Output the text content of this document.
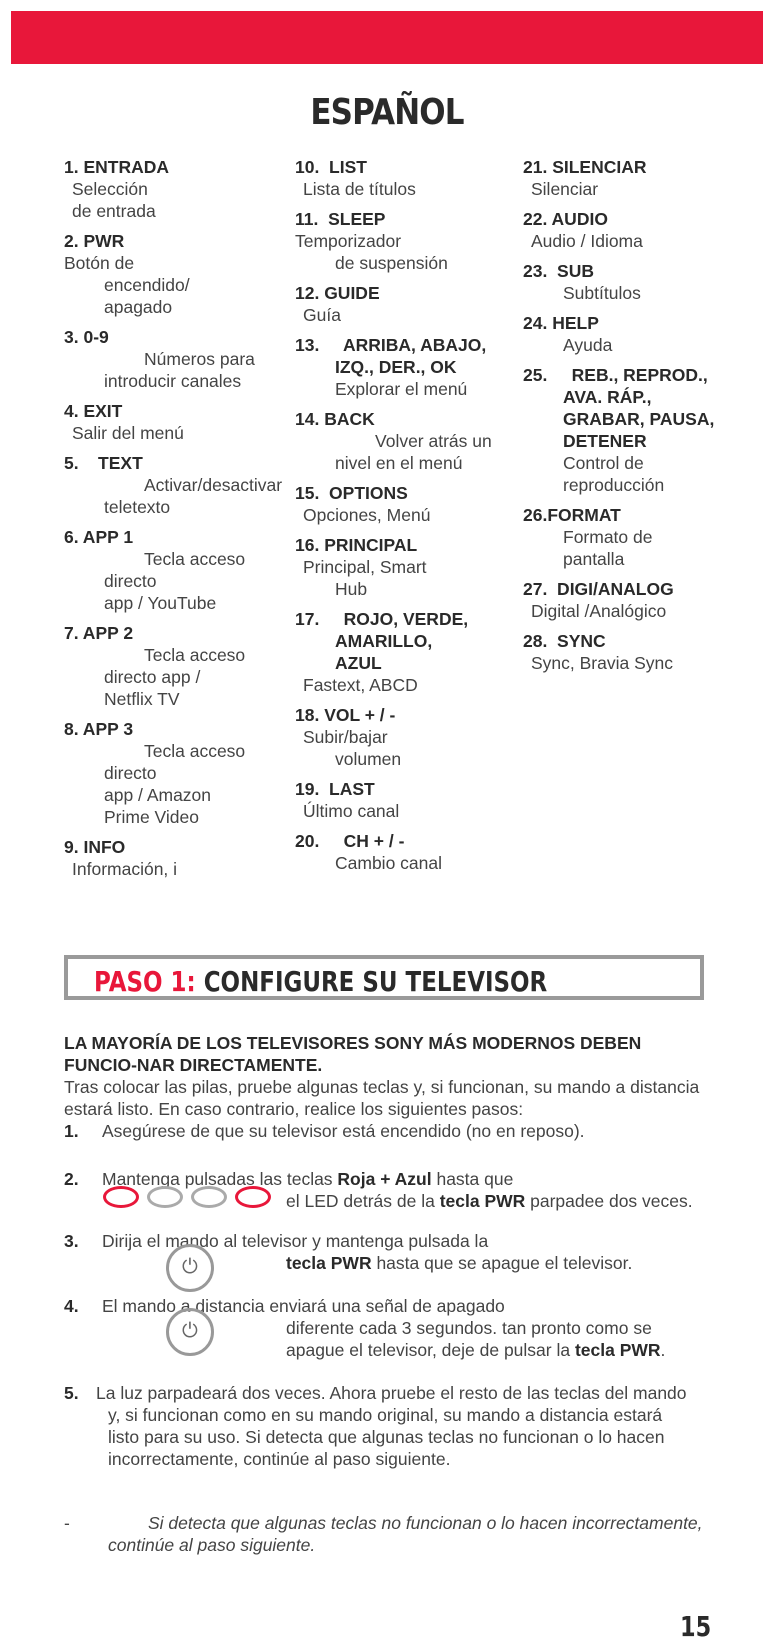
ESPAÑOL
1. ENTRADA
Selección
de entrada
2. PWR
Botón de
encendido/
apagado
3. 0-9
Números para
introducir canales
4. EXIT
Salir del menú
5.    TEXT
Activar/desactivar
teletexto
6. APP 1
Tecla acceso
directo
app / YouTube
7. APP 2
Tecla acceso
directo app /
Netflix TV
8. APP 3
Tecla acceso
directo
app / Amazon
Prime Video
9. INFO
Información, i
10.  LIST
Lista de títulos
11.  SLEEP
Temporizador
de suspensión
12. GUIDE
Guía
13.     ARRIBA, ABAJO,
IZQ., DER., OK
Explorar el menú
14. BACK
Volver atrás un
nivel en el menú
15.  OPTIONS
Opciones, Menú
16. PRINCIPAL
Principal, Smart
Hub
17.     ROJO, VERDE,
AMARILLO,
AZUL
Fastext, ABCD
18. VOL + / -
Subir/bajar
volumen
19.  LAST
Último canal
20.     CH + / -
Cambio canal
21. SILENCIAR
Silenciar
22. AUDIO
Audio / Idioma
23.  SUB
Subtítulos
24. HELP
Ayuda
25.     REB., REPROD.,
AVA. RÁP.,
GRABAR, PAUSA,
DETENER
Control de
reproducción
26.FORMAT
Formato de
pantalla
27.  DIGI/ANALOG
Digital /Analógico
28.  SYNC
Sync, Bravia Sync
PASO 1: CONFIGURE SU TELEVISOR
LA MAYORÍA DE LOS TELEVISORES SONY MÁS MODERNOS DEBEN FUNCIO-NAR DIRECTAMENTE.
Tras colocar las pilas, pruebe algunas teclas y, si funcionan, su mando a distancia estará listo. En caso contrario, realice los siguientes pasos:
1. Asegúrese de que su televisor está encendido (no en reposo).
2. Mantenga pulsadas las teclas Roja + Azul hasta que
el LED detrás de la tecla PWR parpadee dos veces.
3. Dirija el mando al televisor y mantenga pulsada la
tecla PWR hasta que se apague el televisor.
⏻
4. El mando a distancia enviará una señal de apagado
diferente cada 3 segundos. tan pronto como se
apague el televisor, deje de pulsar la tecla PWR.
⏻
5. La luz parpadeará dos veces. Ahora pruebe el resto de las teclas del mando
y, si funcionan como en su mando original, su mando a distancia estará
listo para su uso. Si detecta que algunas teclas no funcionan o lo hacen
incorrectamente, continúe al paso siguiente.
-	Si detecta que algunas teclas no funcionan o lo hacen incorrectamente,
continúe al paso siguiente.
15
